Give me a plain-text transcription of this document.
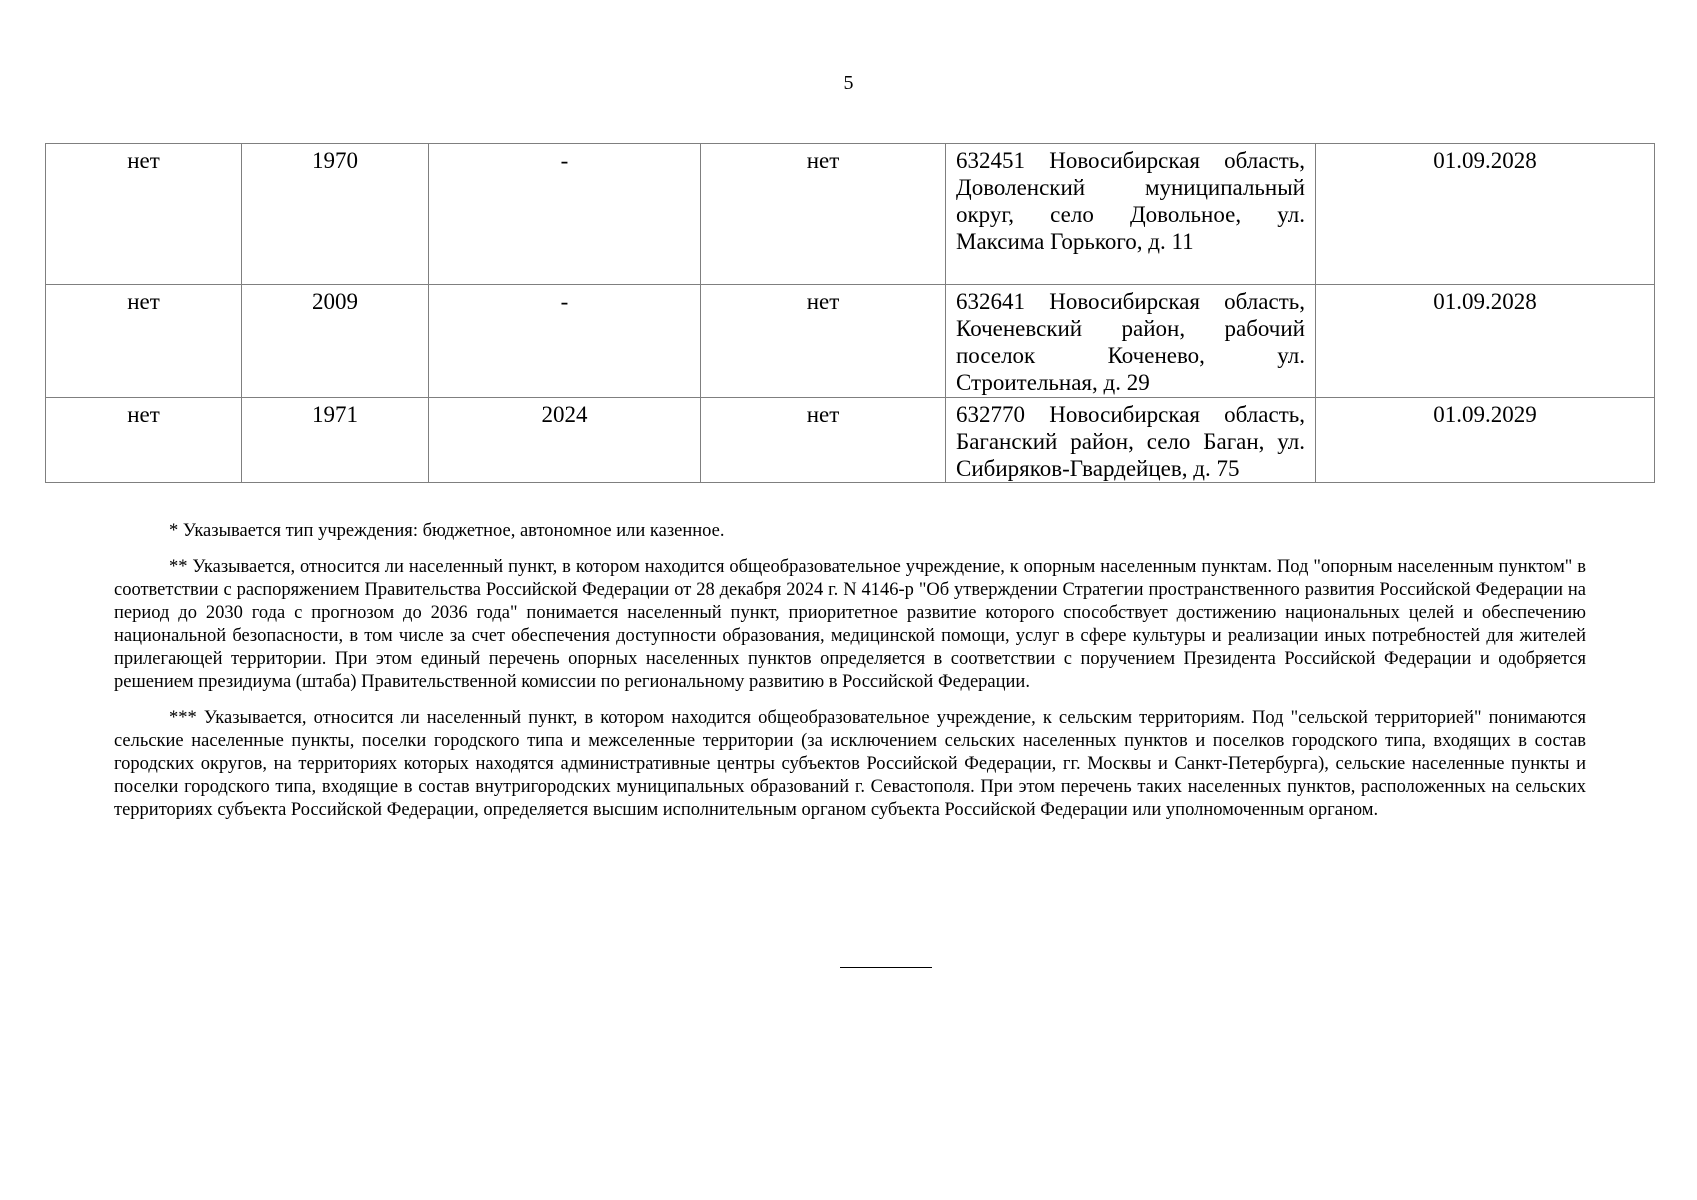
5
нет	1970	-	нет	632451 Новосибирская область, Доволенский муниципальный округ, село Довольное, ул. Максима Горького, д. 11	01.09.2028
нет	2009	-	нет	632641 Новосибирская область, Коченевский район, рабочий поселок Коченево, ул. Строительная, д. 29	01.09.2028
нет	1971	2024	нет	632770 Новосибирская область, Баганский район, село Баган, ул. Сибиряков-Гвардейцев, д. 75	01.09.2029

* Указывается тип учреждения: бюджетное, автономное или казенное.

** Указывается, относится ли населенный пункт, в котором находится общеобразовательное учреждение, к опорным населенным пунктам. Под "опорным населенным пунктом" в соответствии с распоряжением Правительства Российской Федерации от 28 декабря 2024 г. N 4146-р "Об утверждении Стратегии пространственного развития Российской Федерации на период до 2030 года с прогнозом до 2036 года" понимается населенный пункт, приоритетное развитие которого способствует достижению национальных целей и обеспечению национальной безопасности, в том числе за счет обеспечения доступности образования, медицинской помощи, услуг в сфере культуры и реализации иных потребностей для жителей прилегающей территории. При этом единый перечень опорных населенных пунктов определяется в соответствии с поручением Президента Российской Федерации и одобряется решением президиума (штаба) Правительственной комиссии по региональному развитию в Российской Федерации.

*** Указывается, относится ли населенный пункт, в котором находится общеобразовательное учреждение, к сельским территориям. Под "сельской территорией" понимаются сельские населенные пункты, поселки городского типа и межселенные территории (за исключением сельских населенных пунктов и поселков городского типа, входящих в состав городских округов, на территориях которых находятся административные центры субъектов Российской Федерации, гг. Москвы и Санкт-Петербурга), сельские населенные пункты и поселки городского типа, входящие в состав внутригородских муниципальных образований г. Севастополя. При этом перечень таких населенных пунктов, расположенных на сельских территориях субъекта Российской Федерации, определяется высшим исполнительным органом субъекта Российской Федерации или уполномоченным органом.
